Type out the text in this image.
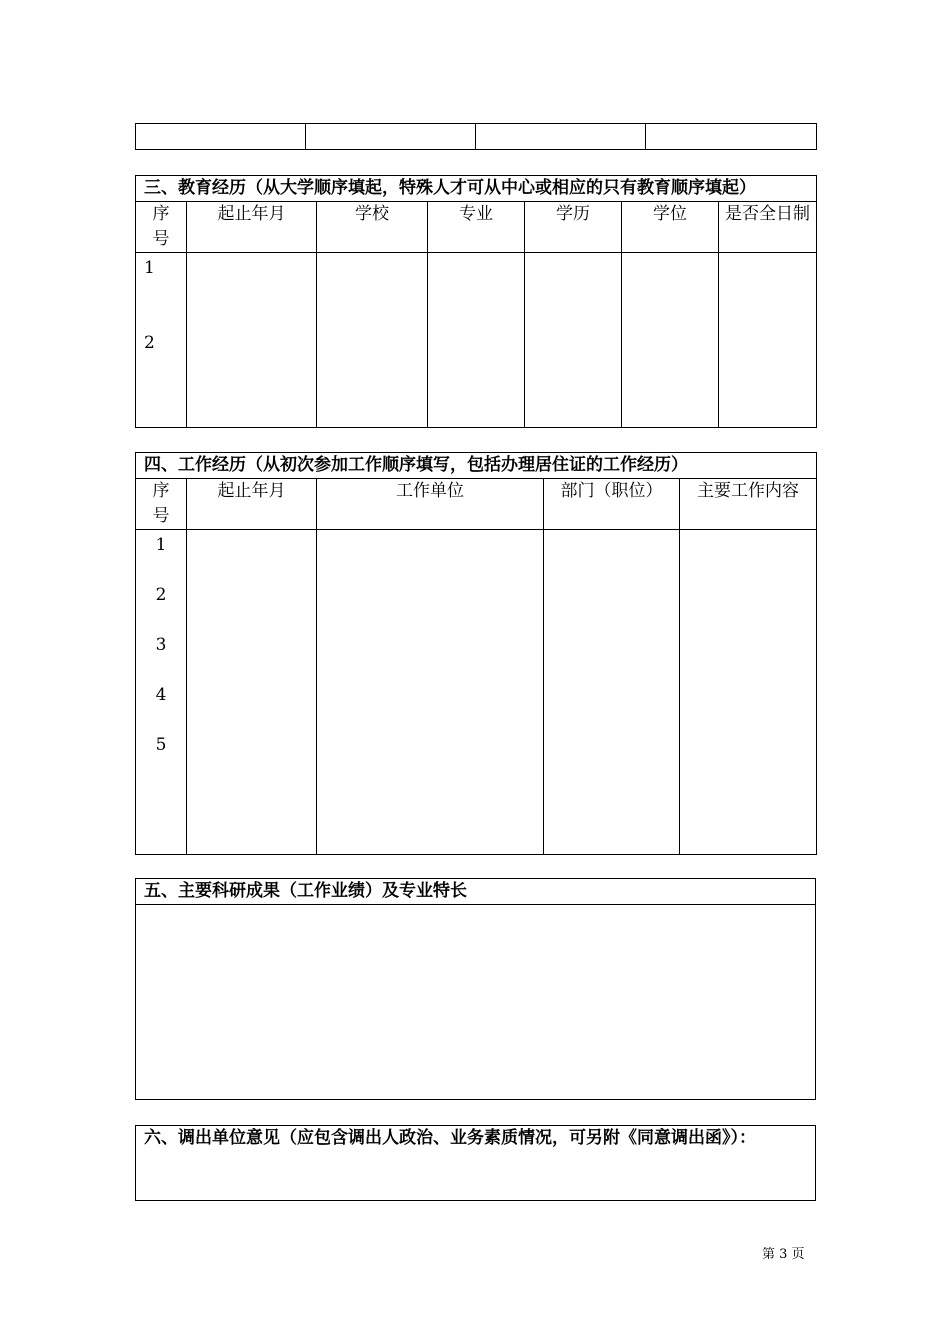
三、教育经历（从大学顺序填起，特殊人才可从中心或相应的只有教育顺序填起）						
序号	起止年月	学校	专业	学历	学位	是否全日制

1
2						

四、工作经历（从初次参加工作顺序填写，包括办理居住证的工作经历）				
序号	起止年月	工作单位	部门（职位）	主要工作内容

1
2
3
4
5				

五、主要科研成果（工作业绩）及专业特长

六、调出单位意见（应包含调出人政治、业务素质情况，可另附《同意调出函》）：
第 3 页
